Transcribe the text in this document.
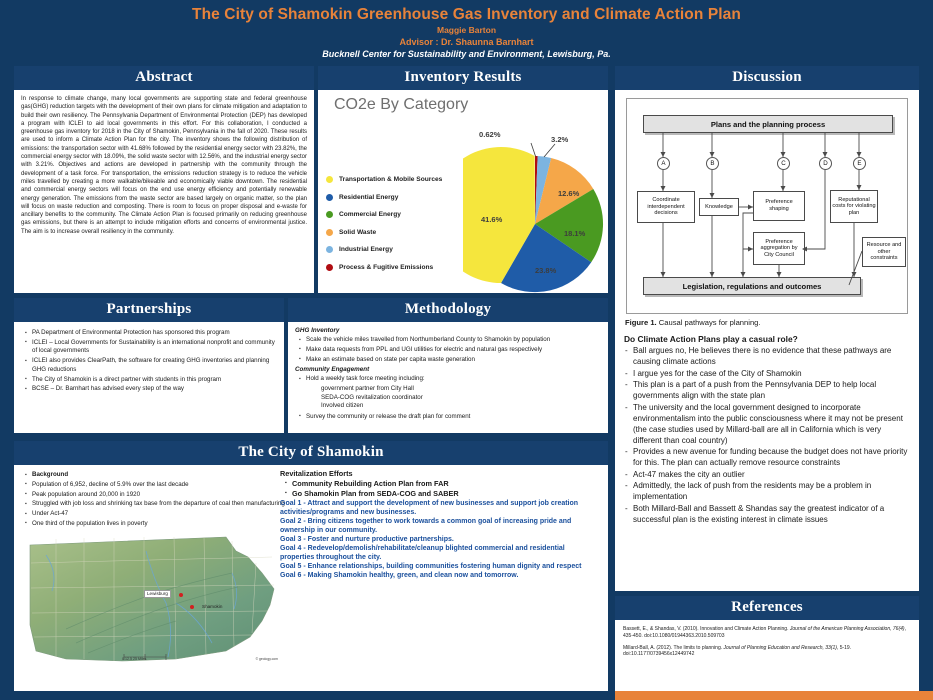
The City of Shamokin Greenhouse Gas Inventory and Climate Action Plan
Maggie Barton
Advisor : Dr. Shaunna Barnhart
Bucknell Center for Sustainability and Environment, Lewisburg, Pa.
Abstract
In response to climate change, many local governments are supporting state and federal greenhouse gas(GHG) reduction targets with the development of their own plans for climate mitigation and adaptation to build their own resiliency. The Pennsylvania Department of Environmental Protection (DEP) has developed a program with ICLEI to aid local governments in this effort. For this collaboration, I conducted a greenhouse gas inventory for 2018 in the City of Shamokin, Pennsylvania in the fall of 2020. These results are used to inform a Climate Action Plan for the city. The inventory shows the following distribution of emissions: the transportation sector with 41.68% followed by the residential energy sector with 23.82%, the commercial energy sector with 18.09%, the solid waste sector with 12.56%, and the industrial energy sector with 3.21%. Objectives and actions are developed in partnership with the community through the development of a task force. For transportation, the emissions reduction strategy is to reduce the vehicle miles travelled by creating a more walkable/bikeable and economically viable downtown. The residential and commercial energy sectors will focus on the end use energy efficiency and potentially renewable energy generation. The emissions from the waste sector are based largely on organic matter, so the plan will focus on waste reduction and composting. There is room to focus on proper disposal and e-waste for ancillary benefits to the community. The Climate Action Plan is focused primarily on reducing greenhouse gas emissions, but there is an attempt to include mitigation efforts and concerns of environmental justice. The aim is to increase overall resiliency in the community.
Inventory Results
CO2e By Category
Transportation & Mobile Sources
Residential Energy
Commercial Energy
Solid Waste
Industrial Energy
Process & Fugitive Emissions
0.62%
3.2%
12.6%
18.1%
23.8%
41.6%
Discussion
Plans and the planning process
A	B	C	D	E
Coordinate interdependent decisions
Knowledge
Preference shaping
Preference aggregation by City Council
Reputational costs for violating plan
Resource and other constraints
Legislation, regulations and outcomes
Figure 1. Causal pathways for planning.
Do Climate Action Plans play a casual role?
- Ball argues no, He believes there is no evidence that these pathways are causing climate actions
- I argue yes for the case of the City of Shamokin
- This plan is a part of a push from the Pennsylvania DEP to help local governments align with the state plan
- The university and the local government designed to incorporate environmentalism into the public consciousness where it may not be present (the case studies used by Millard-ball are all in California which is very different than coal country)
- Provides a new avenue for funding because the budget does not have priority for this. The plan can actually remove resource constraints
- Act-47 makes the city an outlier
- Admittedly, the lack of push from the residents may be a problem in implementation
- Both Millard-Ball and Bassett & Shandas say the greatest indicator of a successful plan is the existing interest in climate issues
Partnerships
▪ PA Department of Environmental Protection has sponsored this program
▪ ICLEI – Local Governments for Sustainability is an international nonprofit and community of local governments
▪ ICLEI also provides ClearPath, the software for creating GHG inventories and planning GHG reductions
▪ The City of Shamokin is a direct partner with students in this program
▪ BCSE – Dr. Barnhart has advised every step of the way
Methodology
GHG Inventory
▪ Scale the vehicle miles travelled from Northumberland County to Shamokin by population
▪ Make data requests from PPL and UGI utilities for electric and natural gas respectively
▪ Make an estimate based on state per capita waste generation
Community Engagement
▪ Hold a weekly task force meeting including:
government partner from City Hall
SEDA-COG revitalization coordinator
Involved citizen
▪ Survey the community or release the draft plan for comment
The City of Shamokin
▪ Background
▪ Population of 6,952, decline of 5.9% over the last decade
▪ Peak population around 20,000 in 1920
▪ Struggled with job loss and shrinking tax base from the departure of coal then manufacturing
▪ Under Act-47
▪ One third of the population lives in poverty
Lewisburg
Shamokin
0 12.5 25 Miles	© geology.com
Revitalization Efforts
▪ Community Rebuilding Action Plan from FAR
▪ Go Shamokin Plan from SEDA-COG and SABER
Goal 1 - Attract and support the development of new businesses and support job creation activities/programs and new businesses.
Goal 2 - Bring citizens together to work towards a common goal of increasing pride and ownership in our community.
Goal 3 - Foster and nurture productive partnerships.
Goal 4 - Redevelop/demolish/rehabilitate/cleanup blighted commercial and residential properties throughout the city.
Goal 5 - Enhance relationships, building communities fostering human dignity and respect
Goal 6 - Making Shamokin healthy, green, and clean now and tomorrow.
References

Bassett, E., & Shandas, V. (2010). Innovation and Climate Action Planning. Journal of the American Planning Association, 76(4), 435-450. doi:10.1080/01944363.2010.509703

Millard-Ball, A. (2012). The limits to planning. Journal of Planning Education and Research, 33(1), 5-19. doi:10.1177/0739456x12449742
